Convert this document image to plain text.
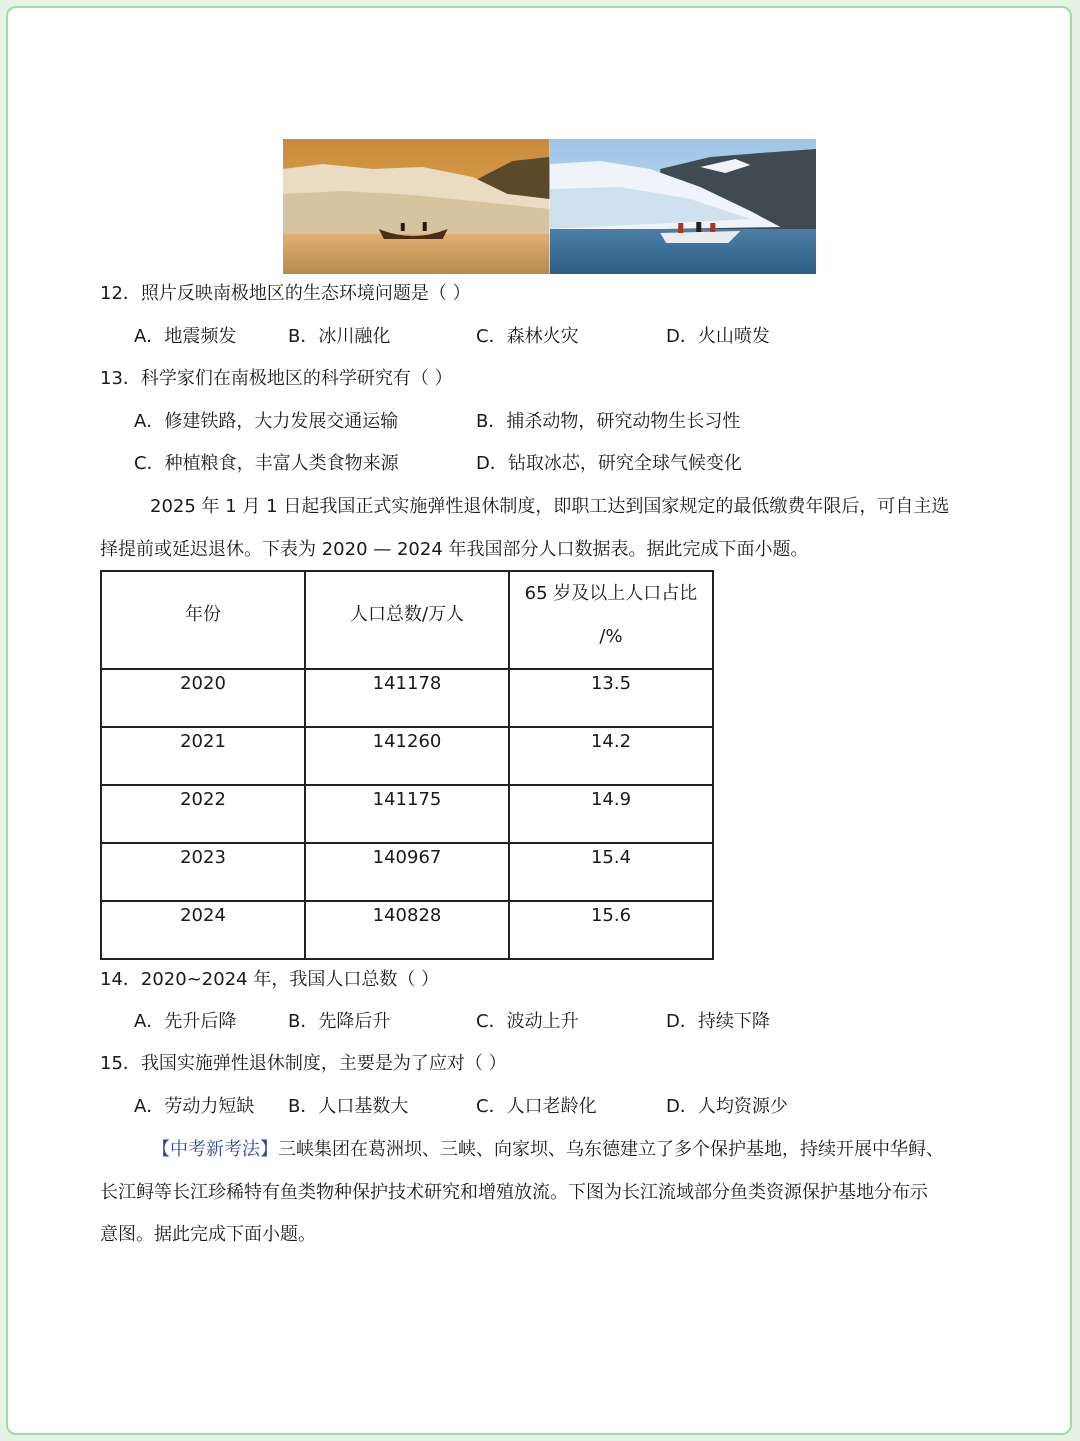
12．照片反映南极地区的生态环境问题是（ ）
A．地震频发	B．冰川融化	C．森林火灾	D．火山喷发
13．科学家们在南极地区的科学研究有（ ）
A．修建铁路，大力发展交通运输	B．捕杀动物，研究动物生长习性
C．种植粮食，丰富人类食物来源	D．钻取冰芯，研究全球气候变化
2025 年 1 月 1 日起我国正式实施弹性退休制度，即职工达到国家规定的最低缴费年限后，可自主选
择提前或延迟退休。下表为 2020 — 2024 年我国部分人口数据表。据此完成下面小题。
年份	人口总数/万人	65 岁及以上人口占比
/%

2020	141178	13.5
2021	141260	14.2
2022	141175	14.9
2023	140967	15.4
2024	140828	15.6
14．2020~2024 年，我国人口总数（ ）
A．先升后降	B．先降后升	C．波动上升	D．持续下降
15．我国实施弹性退休制度，主要是为了应对（ ）
A．劳动力短缺 B．人口基数大	C．人口老龄化	D．人均资源少
【中考新考法】三峡集团在葛洲坝、三峡、向家坝、乌东德建立了多个保护基地，持续开展中华鲟、
长江鲟等长江珍稀特有鱼类物种保护技术研究和增殖放流。下图为长江流域部分鱼类资源保护基地分布示
意图。据此完成下面小题。
